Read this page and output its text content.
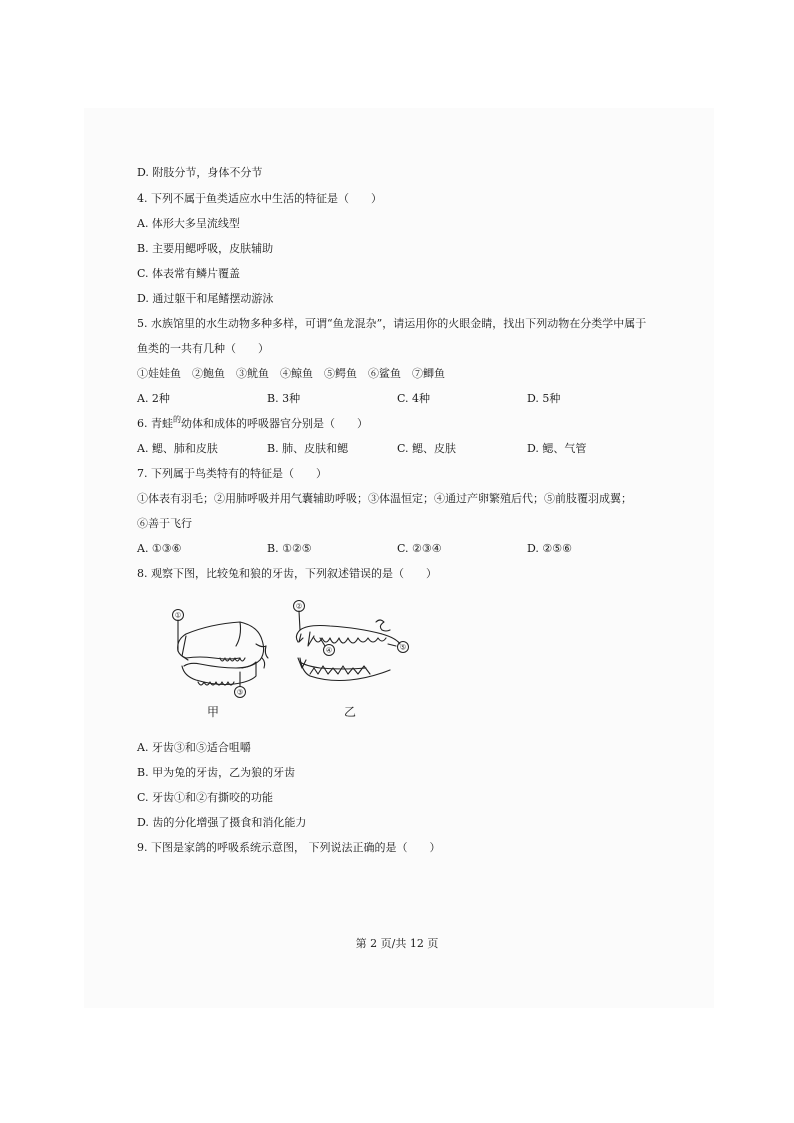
D. 附肢分节，身体不分节
4. 下列不属于鱼类适应水中生活的特征是（　　）
A. 体形大多呈流线型
B. 主要用鳃呼吸，皮肤辅助
C. 体表常有鳞片覆盖
D. 通过躯干和尾鳍摆动游泳
5. 水族馆里的水生动物多种多样，可谓“鱼龙混杂”，请运用你的火眼金睛，找出下列动物在分类学中属于
鱼类的一共有几种（　　）
①娃娃鱼　②鲍鱼　③鱿鱼　④鲸鱼　⑤鳄鱼　⑥鲨鱼　⑦鲫鱼
A. 2种	B. 3种	C. 4种	D. 5种
6. 青蛙$^的$幼体和成体的呼吸器官分别是（　　）
A. 鳃、肺和皮肤	B. 肺、皮肤和鳃	C. 鳃、皮肤	D. 鳃、气管
7. 下列属于鸟类特有的特征是（　　）
①体表有羽毛；②用肺呼吸并用气囊辅助呼吸；③体温恒定；④通过产卵繁殖后代；⑤前肢覆羽成翼；
⑥善于飞行
A. ①③⑥	B. ①②⑤	C. ②③④	D. ②⑤⑥
8. 观察下图，比较兔和狼的牙齿，下列叙述错误的是（　　）
①
③
②
④	⑤
甲	乙
A. 牙齿③和⑤适合咀嚼
B. 甲为兔的牙齿，乙为狼的牙齿
C. 牙齿①和②有撕咬的功能
D. 齿的分化增强了摄食和消化能力
9. 下图是家鸽的呼吸系统示意图， 下列说法正确的是（　　）
第 2 页/共 12 页
